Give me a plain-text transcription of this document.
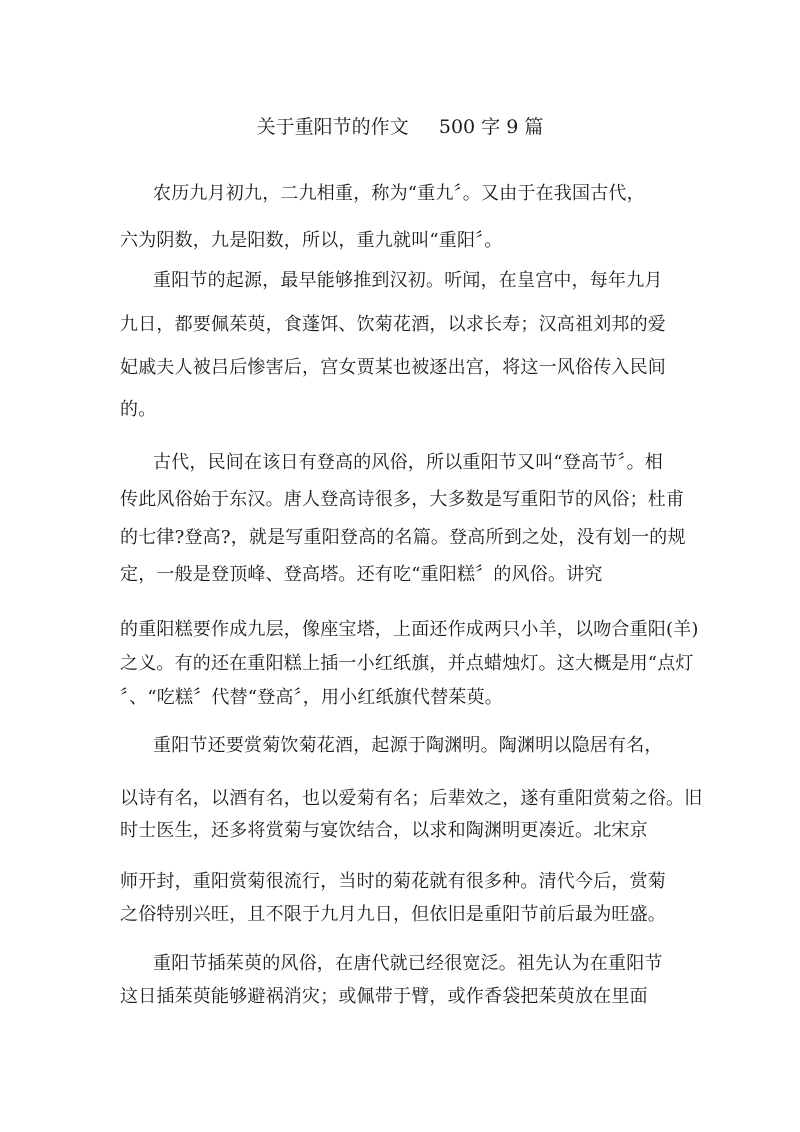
关于重阳节的作文     500 字 9 篇
农历九月初九，二九相重，称为“重九〞。又由于在我国古代，
六为阴数，九是阳数，所以，重九就叫“重阳〞。
重阳节的起源，最早能够推到汉初。听闻，在皇宫中，每年九月
九日，都要佩茱萸，食蓬饵、饮菊花酒，以求长寿；汉高祖刘邦的爱
妃戚夫人被吕后惨害后，宫女贾某也被逐出宫，将这一风俗传入民间
的。
古代，民间在该日有登高的风俗，所以重阳节又叫“登高节〞。相
传此风俗始于东汉。唐人登高诗很多，大多数是写重阳节的风俗；杜甫
的七律?登高?，就是写重阳登高的名篇。登高所到之处，没有划一的规
定，一般是登顶峰、登高塔。还有吃“重阳糕〞的风俗。讲究
的重阳糕要作成九层，像座宝塔，上面还作成两只小羊，以吻合重阳(羊)
之义。有的还在重阳糕上插一小红纸旗，并点蜡烛灯。这大概是用“点灯
〞、“吃糕〞代替“登高〞，用小红纸旗代替茱萸。
重阳节还要赏菊饮菊花酒，起源于陶渊明。陶渊明以隐居有名，
以诗有名，以酒有名，也以爱菊有名；后辈效之，遂有重阳赏菊之俗。旧
时士医生，还多将赏菊与宴饮结合，以求和陶渊明更凑近。北宋京
师开封，重阳赏菊很流行，当时的菊花就有很多种。清代今后，赏菊
之俗特别兴旺，且不限于九月九日，但依旧是重阳节前后最为旺盛。
重阳节插茱萸的风俗，在唐代就已经很宽泛。祖先认为在重阳节
这日插茱萸能够避祸消灾；或佩带于臂，或作香袋把茱萸放在里面
